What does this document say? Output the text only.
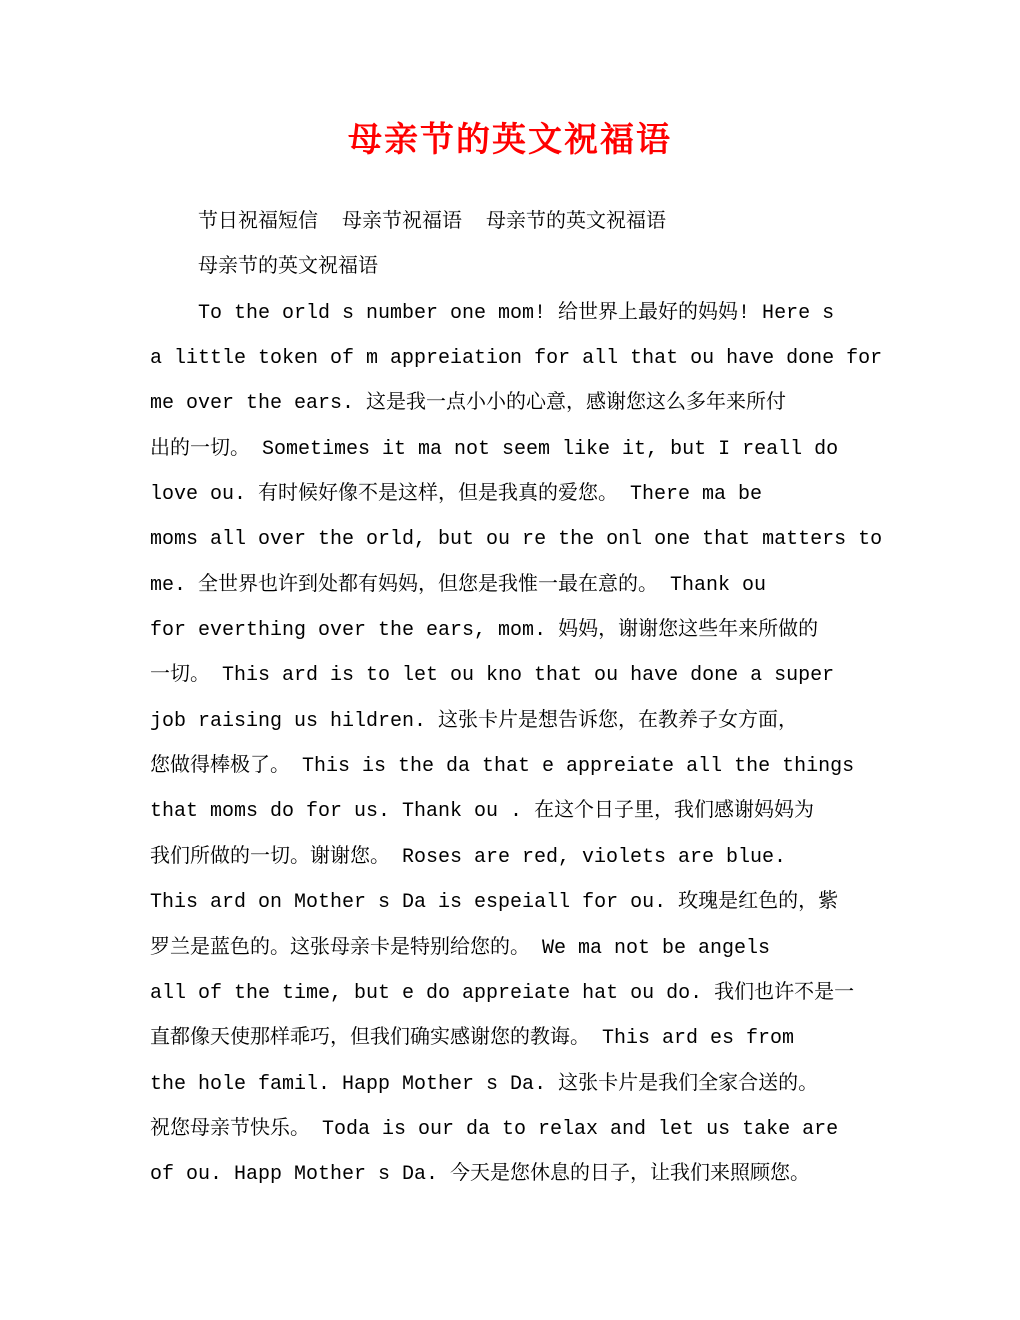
母亲节的英文祝福语
节日祝福短信  母亲节祝福语  母亲节的英文祝福语
母亲节的英文祝福语
To the orld s number one mom! 给世界上最好的妈妈! Here s
a little token of m appreiation for all that ou have done for
me over the ears. 这是我一点小小的心意，感谢您这么多年来所付
出的一切。 Sometimes it ma not seem like it, but I reall do
love ou. 有时候好像不是这样，但是我真的爱您。 There ma be
moms all over the orld, but ou re the onl one that matters to
me. 全世界也许到处都有妈妈，但您是我惟一最在意的。 Thank ou
for everthing over the ears, mom. 妈妈，谢谢您这些年来所做的
一切。 This ard is to let ou kno that ou have done a super
job raising us hildren. 这张卡片是想告诉您，在教养子女方面，
您做得棒极了。 This is the da that e appreiate all the things
that moms do for us. Thank ou . 在这个日子里，我们感谢妈妈为
我们所做的一切。谢谢您。 Roses are red, violets are blue.
This ard on Mother s Da is espeiall for ou. 玫瑰是红色的，紫
罗兰是蓝色的。这张母亲卡是特别给您的。 We ma not be angels
all of the time, but e do appreiate hat ou do. 我们也许不是一
直都像天使那样乖巧，但我们确实感谢您的教诲。 This ard es from
the hole famil. Happ Mother s Da. 这张卡片是我们全家合送的。
祝您母亲节快乐。 Toda is our da to relax and let us take are
of ou. Happ Mother s Da. 今天是您休息的日子，让我们来照顾您。
